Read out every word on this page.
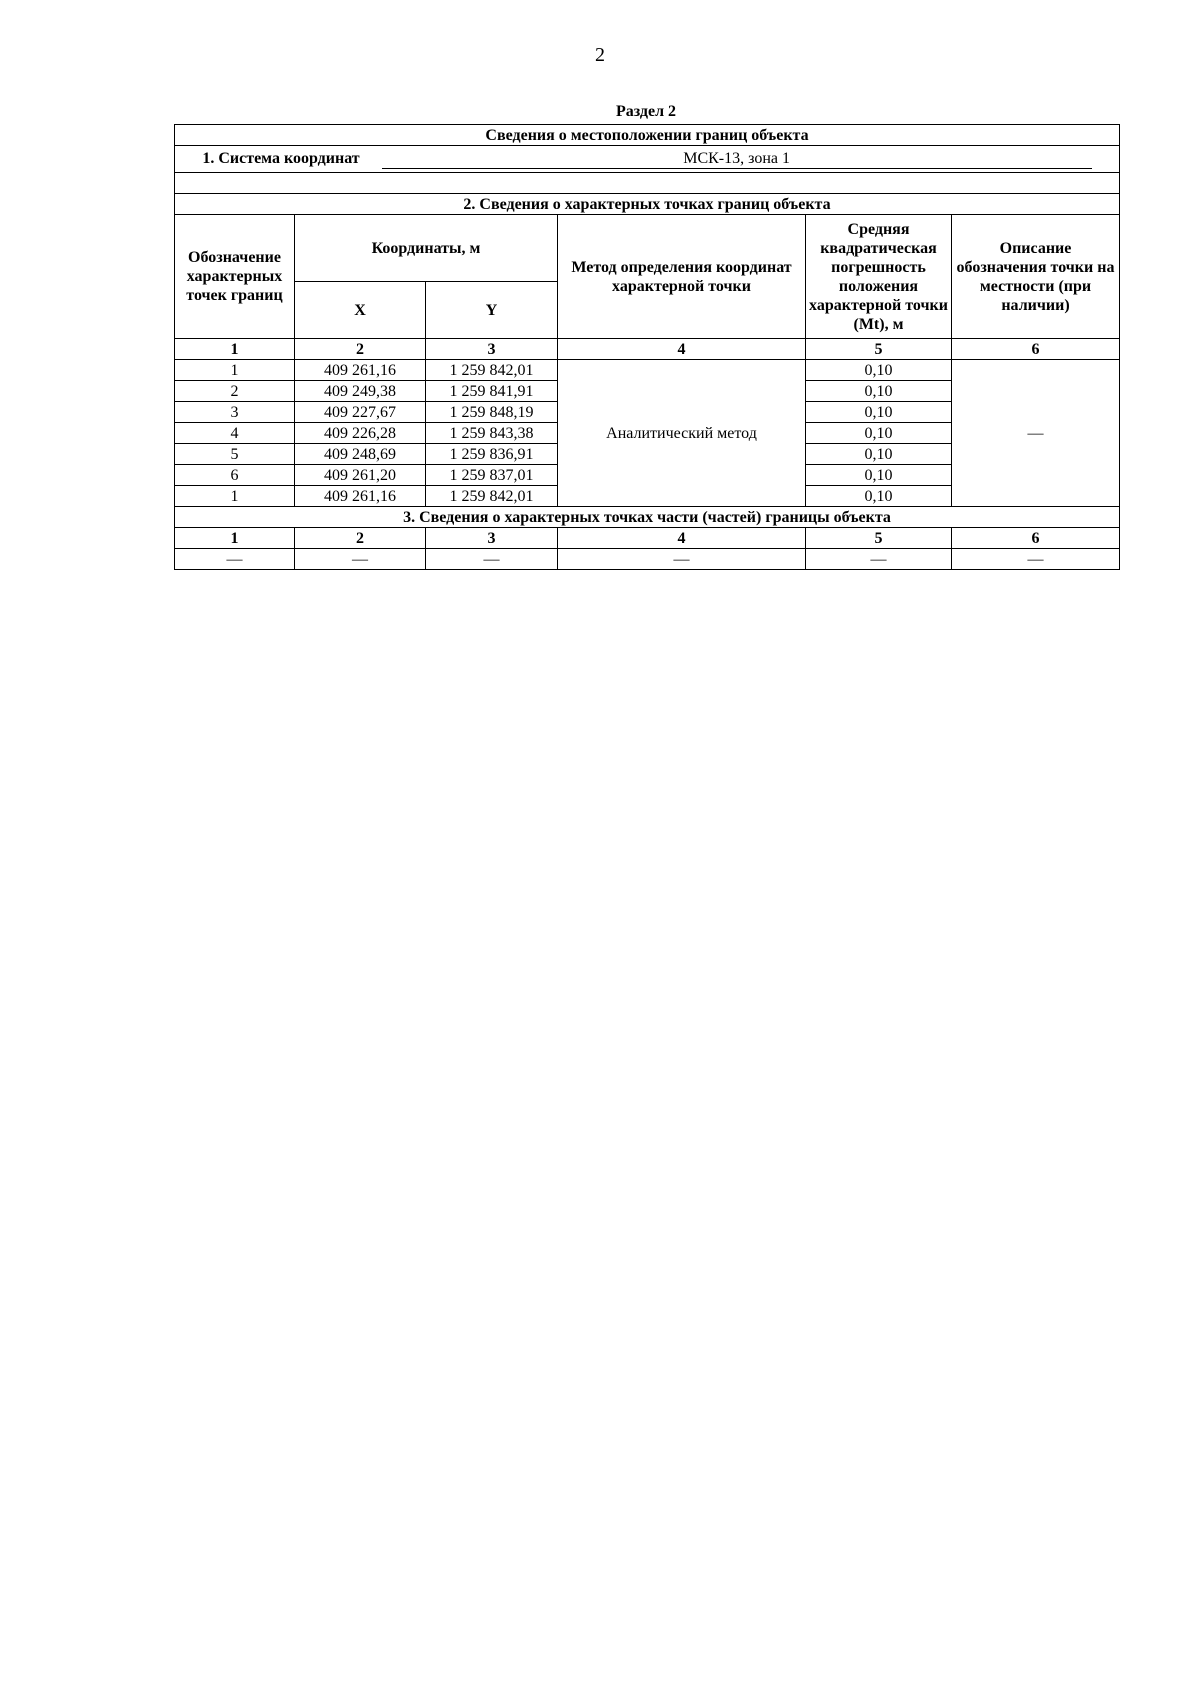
2
Раздел 2
Сведения о местоположении границ объекта					
1. Система координат МСК-13, зона 1					

2. Сведения о характерных точках границ объекта					
Обозначение характерных точек границ	Координаты, м		Метод определения координат характерной точки	Средняя квадратическая погрешность положения характерной точки (Mt), м	Описание обозначения точки на местности (при наличии)
	X	Y			
1	2	3	4	5	6
1	409 261,16	1 259 842,01	Аналитический метод	0,10	—
2	409 249,38	1 259 841,91		0,10	
3	409 227,67	1 259 848,19		0,10	
4	409 226,28	1 259 843,38		0,10	
5	409 248,69	1 259 836,91		0,10	
6	409 261,20	1 259 837,01		0,10	
1	409 261,16	1 259 842,01		0,10	
3. Сведения о характерных точках части (частей) границы объекта					
1	2	3	4	5	6
—	—	—	—	—	—
